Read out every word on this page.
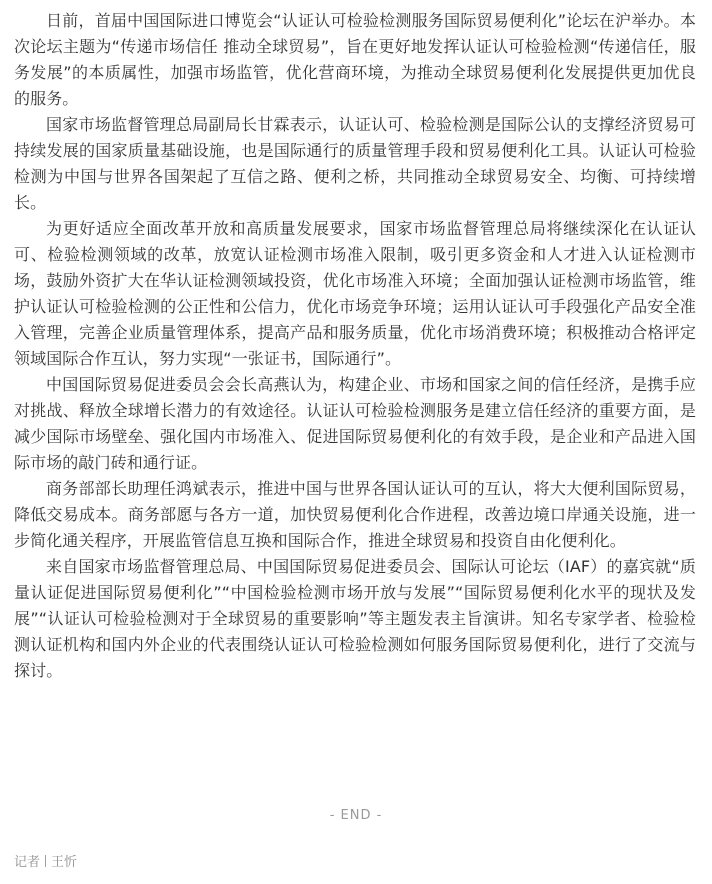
日前，首届中国国际进口博览会“认证认可检验检测服务国际贸易便利化”论坛在沪举办。本次论坛主题为“传递市场信任 推动全球贸易”，旨在更好地发挥认证认可检验检测“传递信任，服务发展”的本质属性，加强市场监管，优化营商环境，为推动全球贸易便利化发展提供更加优良的服务。

国家市场监督管理总局副局长甘霖表示，认证认可、检验检测是国际公认的支撑经济贸易可持续发展的国家质量基础设施，也是国际通行的质量管理手段和贸易便利化工具。认证认可检验检测为中国与世界各国架起了互信之路、便利之桥，共同推动全球贸易安全、均衡、可持续增长。

为更好适应全面改革开放和高质量发展要求，国家市场监督管理总局将继续深化在认证认可、检验检测领域的改革，放宽认证检测市场准入限制，吸引更多资金和人才进入认证检测市场，鼓励外资扩大在华认证检测领域投资，优化市场准入环境；全面加强认证检测市场监管，维护认证认可检验检测的公正性和公信力，优化市场竞争环境；运用认证认可手段强化产品安全准入管理，完善企业质量管理体系，提高产品和服务质量，优化市场消费环境；积极推动合格评定领域国际合作互认，努力实现“一张证书，国际通行”。

中国国际贸易促进委员会会长高燕认为，构建企业、市场和国家之间的信任经济，是携手应对挑战、释放全球增长潜力的有效途径。认证认可检验检测服务是建立信任经济的重要方面，是减少国际市场壁垒、强化国内市场准入、促进国际贸易便利化的有效手段，是企业和产品进入国际市场的敲门砖和通行证。

商务部部长助理任鸿斌表示，推进中国与世界各国认证认可的互认，将大大便利国际贸易，降低交易成本。商务部愿与各方一道，加快贸易便利化合作进程，改善边境口岸通关设施，进一步简化通关程序，开展监管信息互换和国际合作，推进全球贸易和投资自由化便利化。

来自国家市场监督管理总局、中国国际贸易促进委员会、国际认可论坛（IAF）的嘉宾就“质量认证促进国际贸易便利化”“中国检验检测市场开放与发展”“国际贸易便利化水平的现状及发展”“认证认可检验检测对于全球贸易的重要影响”等主题发表主旨演讲。知名专家学者、检验检测认证机构和国内外企业的代表围绕认证认可检验检测如何服务国际贸易便利化，进行了交流与探讨。

- END -
记者 王忻
